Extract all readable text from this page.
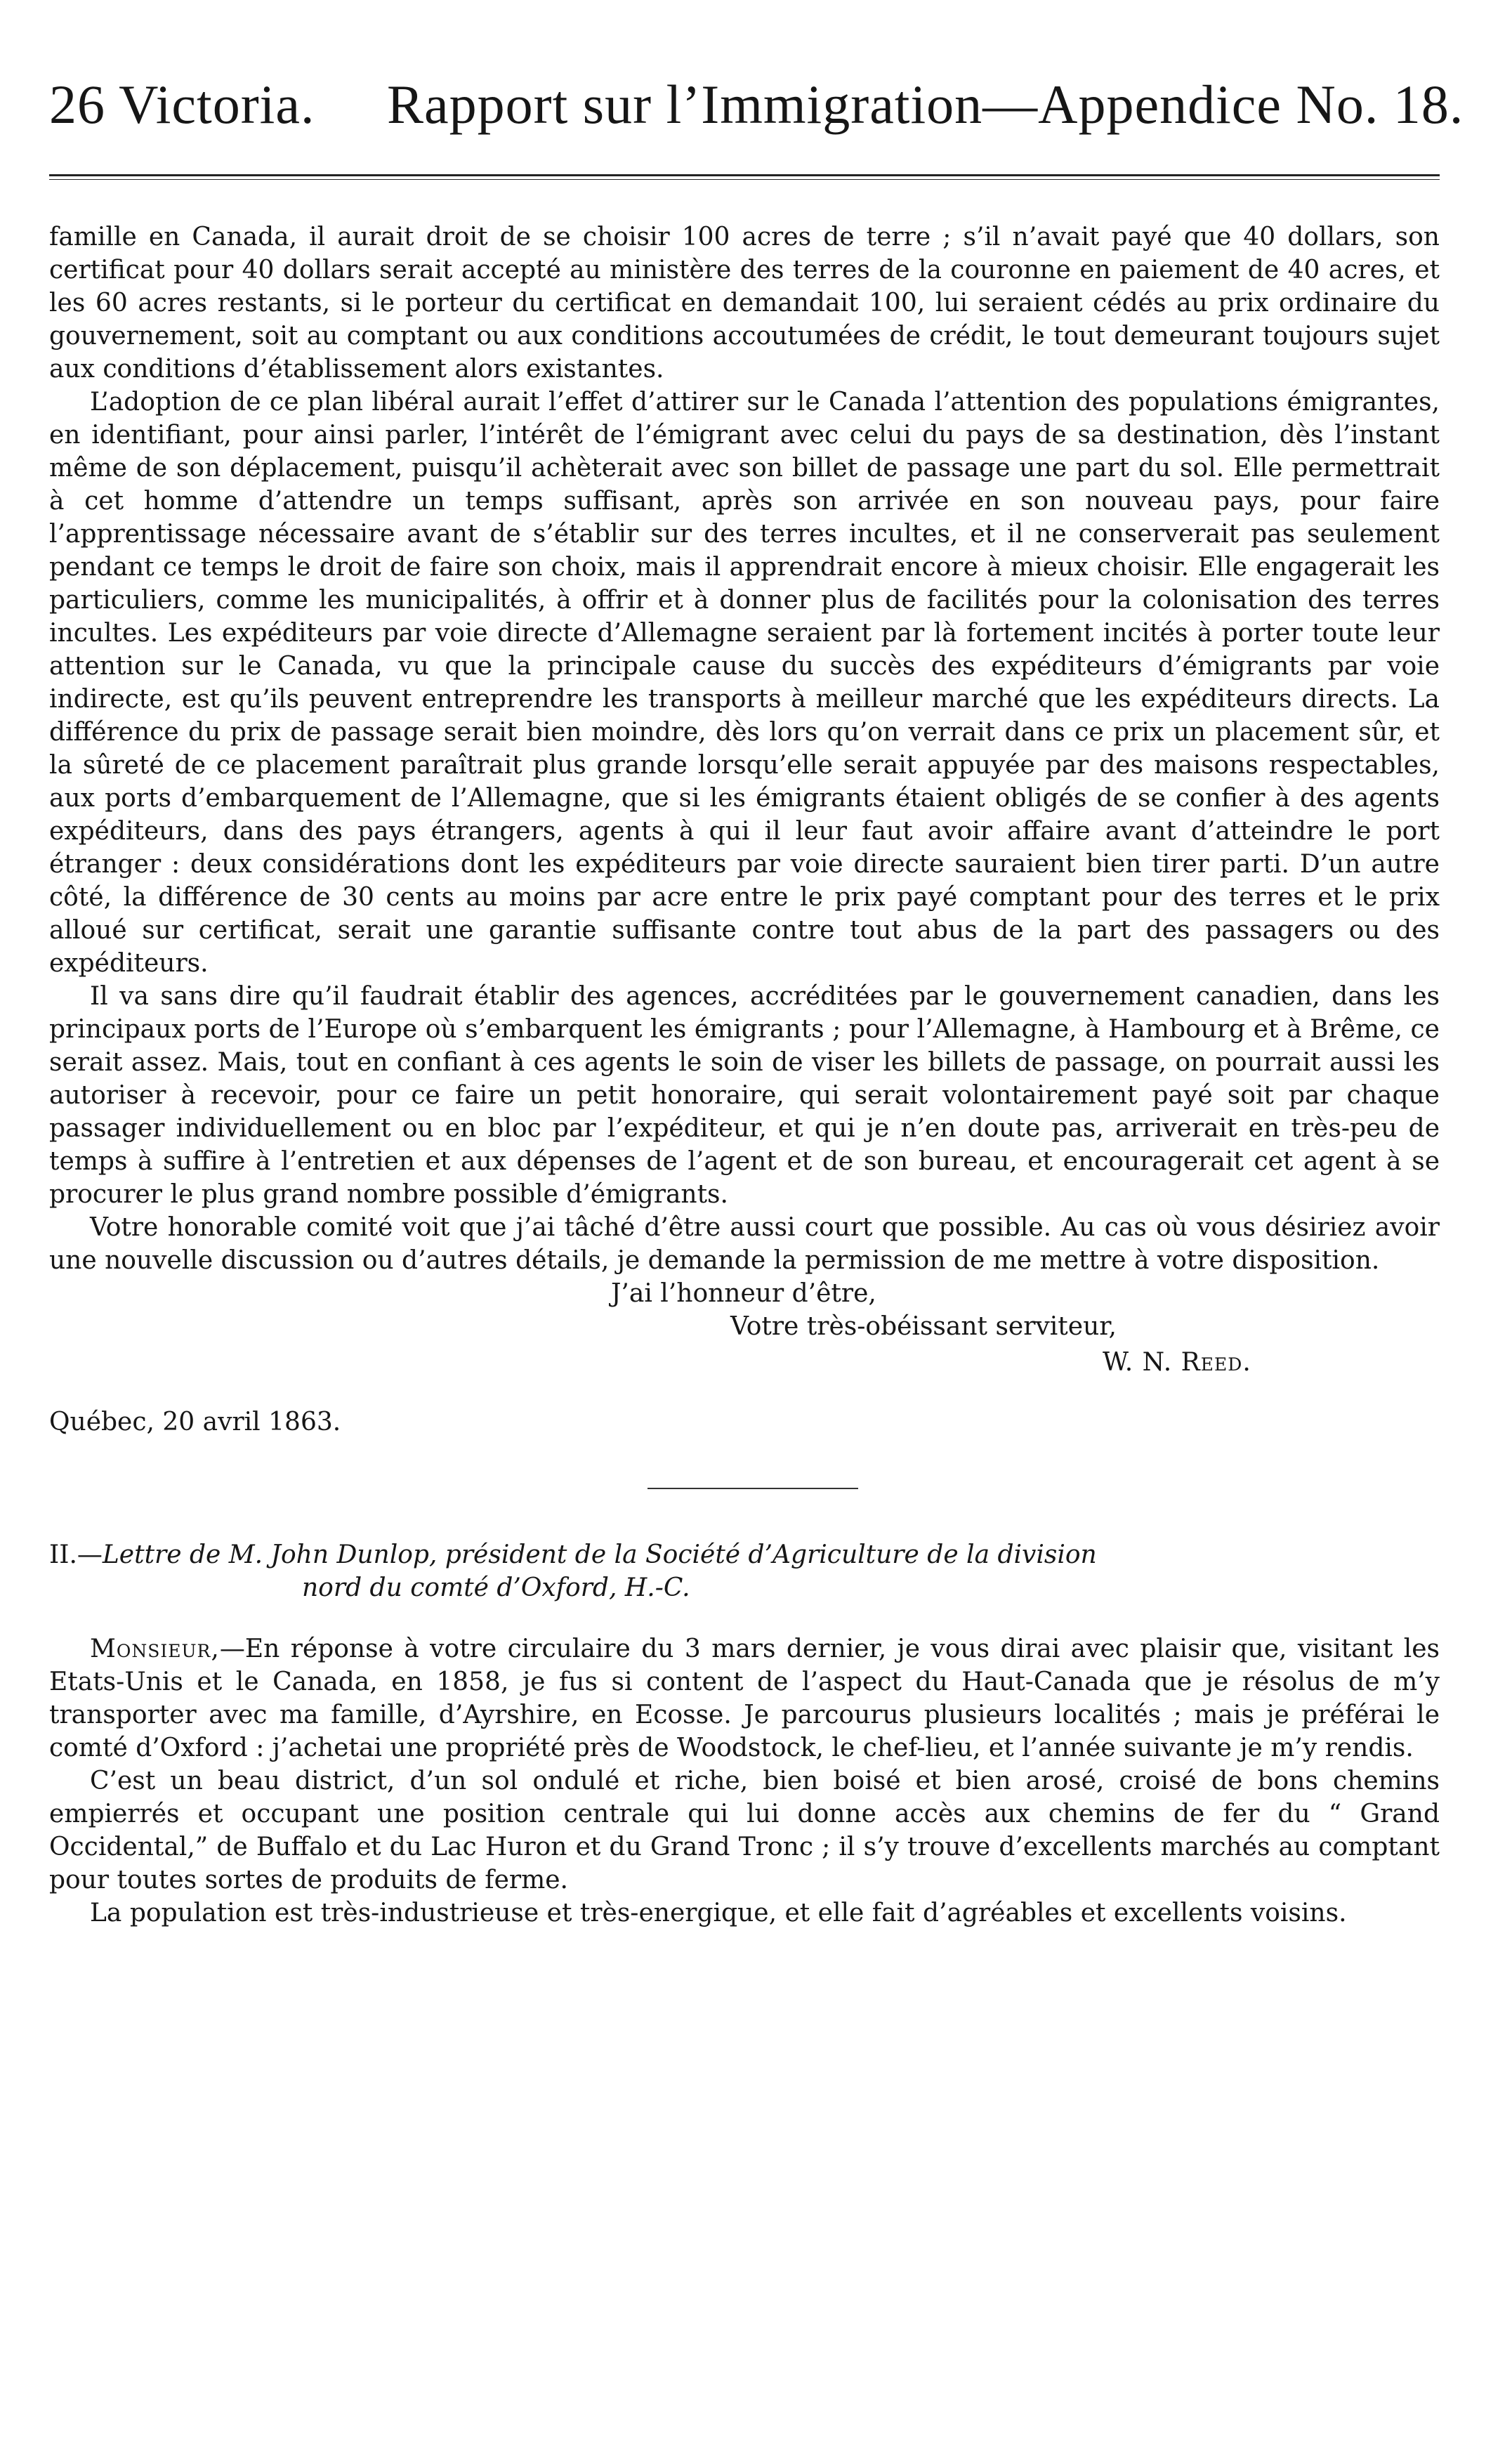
26 Victoria.     Rapport sur l’Immigration—Appendice No. 18.

famille en Canada, il aurait droit de se choisir 100 acres de terre ; s’il n’avait payé que 40 dollars, son certificat pour 40 dollars serait accepté au ministère des terres de la couronne en paiement de 40 acres, et les 60 acres restants, si le porteur du certificat en demandait 100, lui seraient cédés au prix ordinaire du gouvernement, soit au comptant ou aux conditions accoutumées de crédit, le tout demeurant toujours sujet aux conditions d’établissement alors existantes.

L’adoption de ce plan libéral aurait l’effet d’attirer sur le Canada l’attention des populations émigrantes, en identifiant, pour ainsi parler, l’intérêt de l’émigrant avec celui du pays de sa destination, dès l’instant même de son déplacement, puisqu’il achèterait avec son billet de passage une part du sol. Elle permettrait à cet homme d’attendre un temps suffisant, après son arrivée en son nouveau pays, pour faire l’apprentissage nécessaire avant de s’établir sur des terres incultes, et il ne conserverait pas seulement pendant ce temps le droit de faire son choix, mais il apprendrait encore à mieux choisir. Elle engagerait les particuliers, comme les municipalités, à offrir et à donner plus de facilités pour la colonisation des terres incultes. Les expéditeurs par voie directe d’Allemagne seraient par là fortement incités à porter toute leur attention sur le Canada, vu que la principale cause du succès des expéditeurs d’émigrants par voie indirecte, est qu’ils peuvent entreprendre les transports à meilleur marché que les expéditeurs directs. La différence du prix de passage serait bien moindre, dès lors qu’on verrait dans ce prix un placement sûr, et la sûreté de ce placement paraîtrait plus grande lorsqu’elle serait appuyée par des maisons respectables, aux ports d’embarquement de l’Allemagne, que si les émigrants étaient obligés de se confier à des agents expéditeurs, dans des pays étrangers, agents à qui il leur faut avoir affaire avant d’atteindre le port étranger : deux considérations dont les expéditeurs par voie directe sauraient bien tirer parti. D’un autre côté, la différence de 30 cents au moins par acre entre le prix payé comptant pour des terres et le prix alloué sur certificat, serait une garantie suffisante contre tout abus de la part des passagers ou des expéditeurs.

Il va sans dire qu’il faudrait établir des agences, accréditées par le gouvernement canadien, dans les principaux ports de l’Europe où s’embarquent les émigrants ; pour l’Allemagne, à Hambourg et à Brême, ce serait assez. Mais, tout en confiant à ces agents le soin de viser les billets de passage, on pourrait aussi les autoriser à recevoir, pour ce faire un petit honoraire, qui serait volontairement payé soit par chaque passager individuellement ou en bloc par l’expéditeur, et qui je n’en doute pas, arriverait en très-peu de temps à suffire à l’entretien et aux dépenses de l’agent et de son bureau, et encouragerait cet agent à se procurer le plus grand nombre possible d’émigrants.

Votre honorable comité voit que j’ai tâché d’être aussi court que possible. Au cas où vous désiriez avoir une nouvelle discussion ou d’autres détails, je demande la permission de me mettre à votre disposition.

J’ai l’honneur d’être,

Votre très-obéissant serviteur,

W. N. Reed.

Québec, 20 avril 1863.

II.—Lettre de M. John Dunlop, président de la Société d’Agriculture de la division
nord du comté d’Oxford, H.-C.

Monsieur,—En réponse à votre circulaire du 3 mars dernier, je vous dirai avec plaisir que, visitant les Etats-Unis et le Canada, en 1858, je fus si content de l’aspect du Haut-Canada que je résolus de m’y transporter avec ma famille, d’Ayrshire, en Ecosse. Je parcourus plusieurs localités ; mais je préférai le comté d’Oxford : j’achetai une propriété près de Woodstock, le chef-lieu, et l’année suivante je m’y rendis.

C’est un beau district, d’un sol ondulé et riche, bien boisé et bien arosé, croisé de bons chemins empierrés et occupant une position centrale qui lui donne accès aux chemins de fer du “ Grand Occidental,” de Buffalo et du Lac Huron et du Grand Tronc ; il s’y trouve d’excellents marchés au comptant pour toutes sortes de produits de ferme.

La population est très-industrieuse et très-energique, et elle fait d’agréables et excellents voisins.
